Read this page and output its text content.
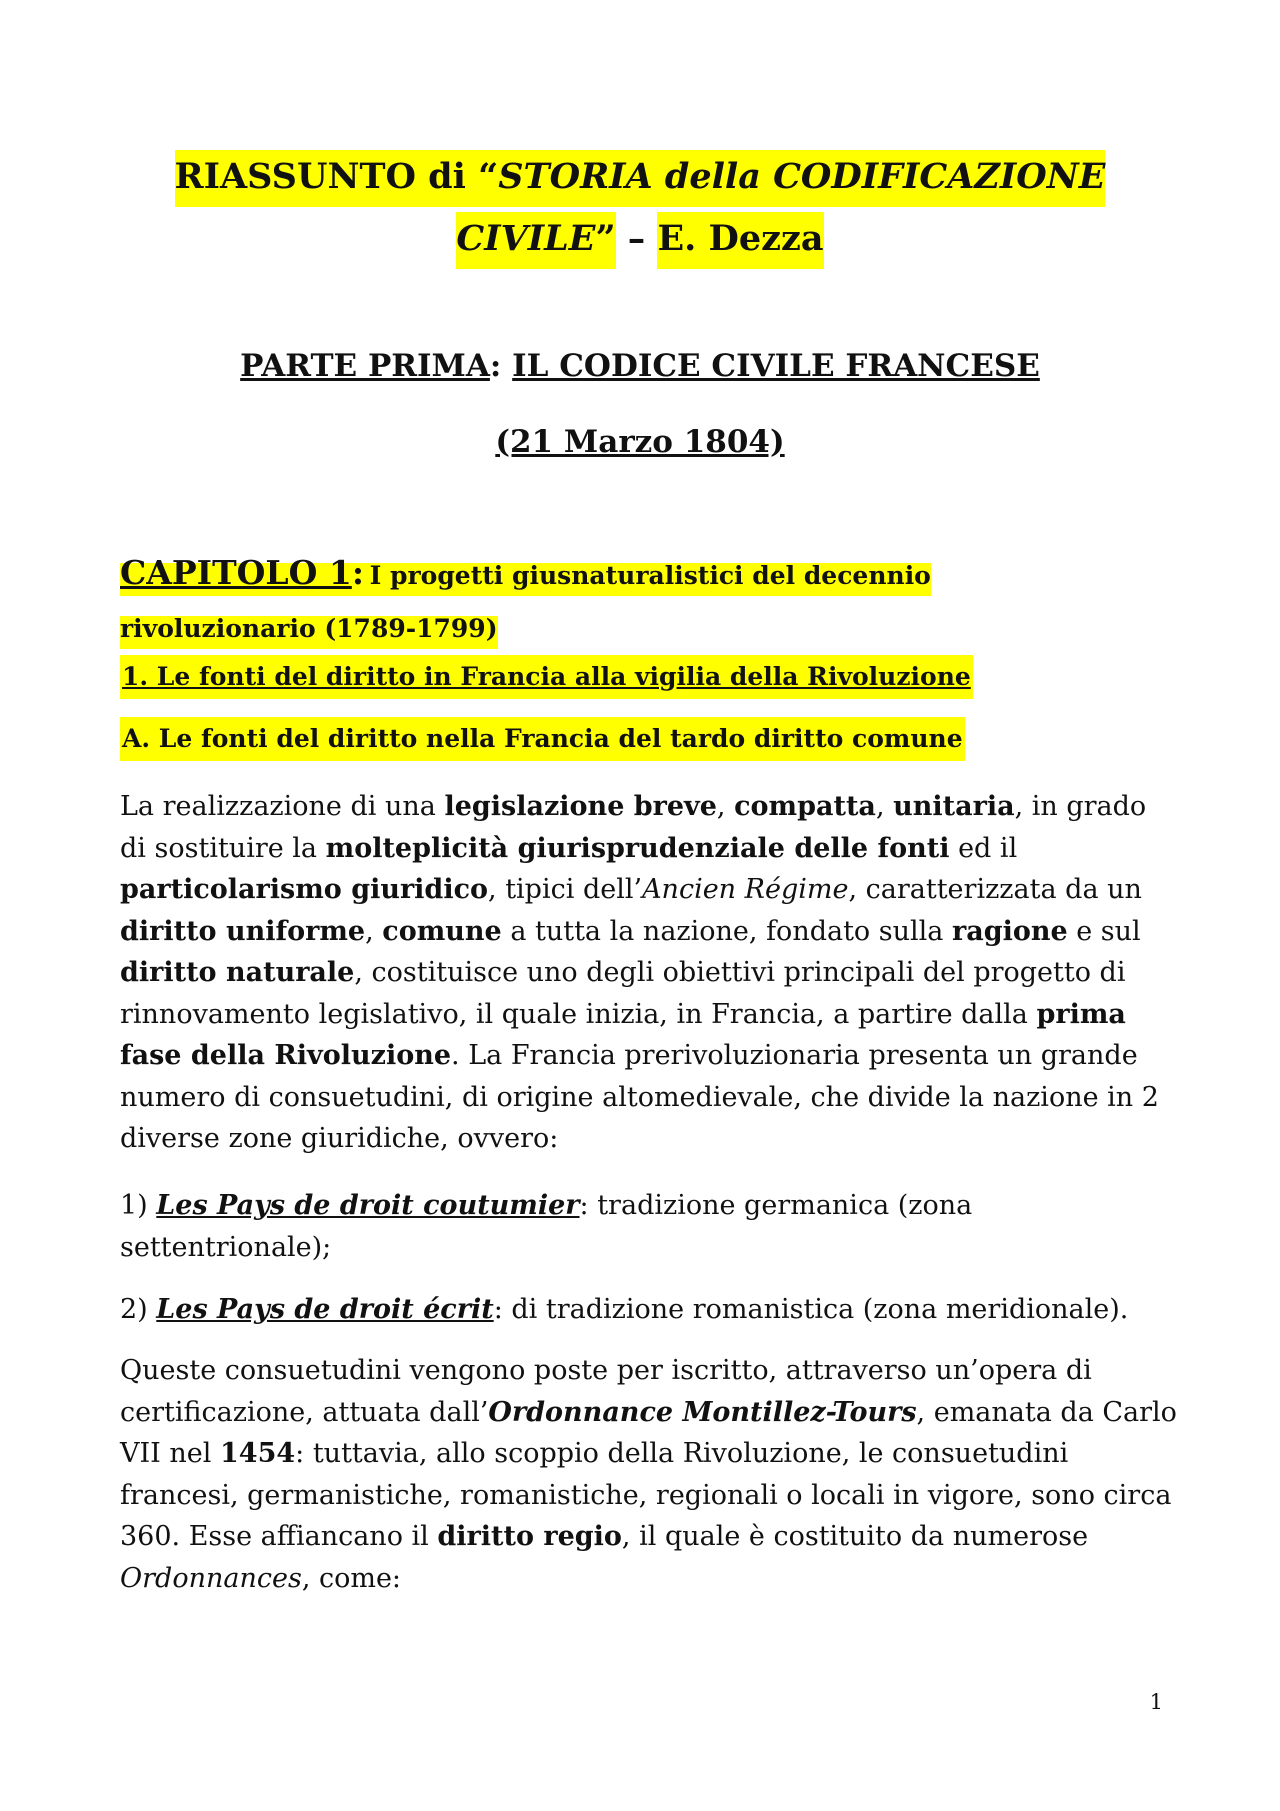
RIASSUNTO di “STORIA della CODIFICAZIONE
CIVILE” – E. Dezza
PARTE PRIMA: IL CODICE CIVILE FRANCESE
(21 Marzo 1804)
CAPITOLO 1: I progetti giusnaturalistici del decennio rivoluzionario (1789-1799)
1. Le fonti del diritto in Francia alla vigilia della Rivoluzione
A. Le fonti del diritto nella Francia del tardo diritto comune

La realizzazione di una legislazione breve, compatta, unitaria, in grado di sostituire la molteplicità giurisprudenziale delle fonti ed il particolarismo giuridico, tipici dell’Ancien Régime, caratterizzata da un diritto uniforme, comune a tutta la nazione, fondato sulla ragione e sul diritto naturale, costituisce uno degli obiettivi principali del progetto di rinnovamento legislativo, il quale inizia, in Francia, a partire dalla prima fase della Rivoluzione. La Francia prerivoluzionaria presenta un grande numero di consuetudini, di origine altomedievale, che divide la nazione in 2 diverse zone giuridiche, ovvero:

1) Les Pays de droit coutumier: tradizione germanica (zona settentrionale);

2) Les Pays de droit écrit: di tradizione romanistica (zona meridionale).

Queste consuetudini vengono poste per iscritto, attraverso un’opera di certificazione, attuata dall’Ordonnance Montillez-Tours, emanata da Carlo VII nel 1454: tuttavia, allo scoppio della Rivoluzione, le consuetudini francesi, germanistiche, romanistiche, regionali o locali in vigore, sono circa 360. Esse affiancano il diritto regio, il quale è costituito da numerose Ordonnances, come:

1
